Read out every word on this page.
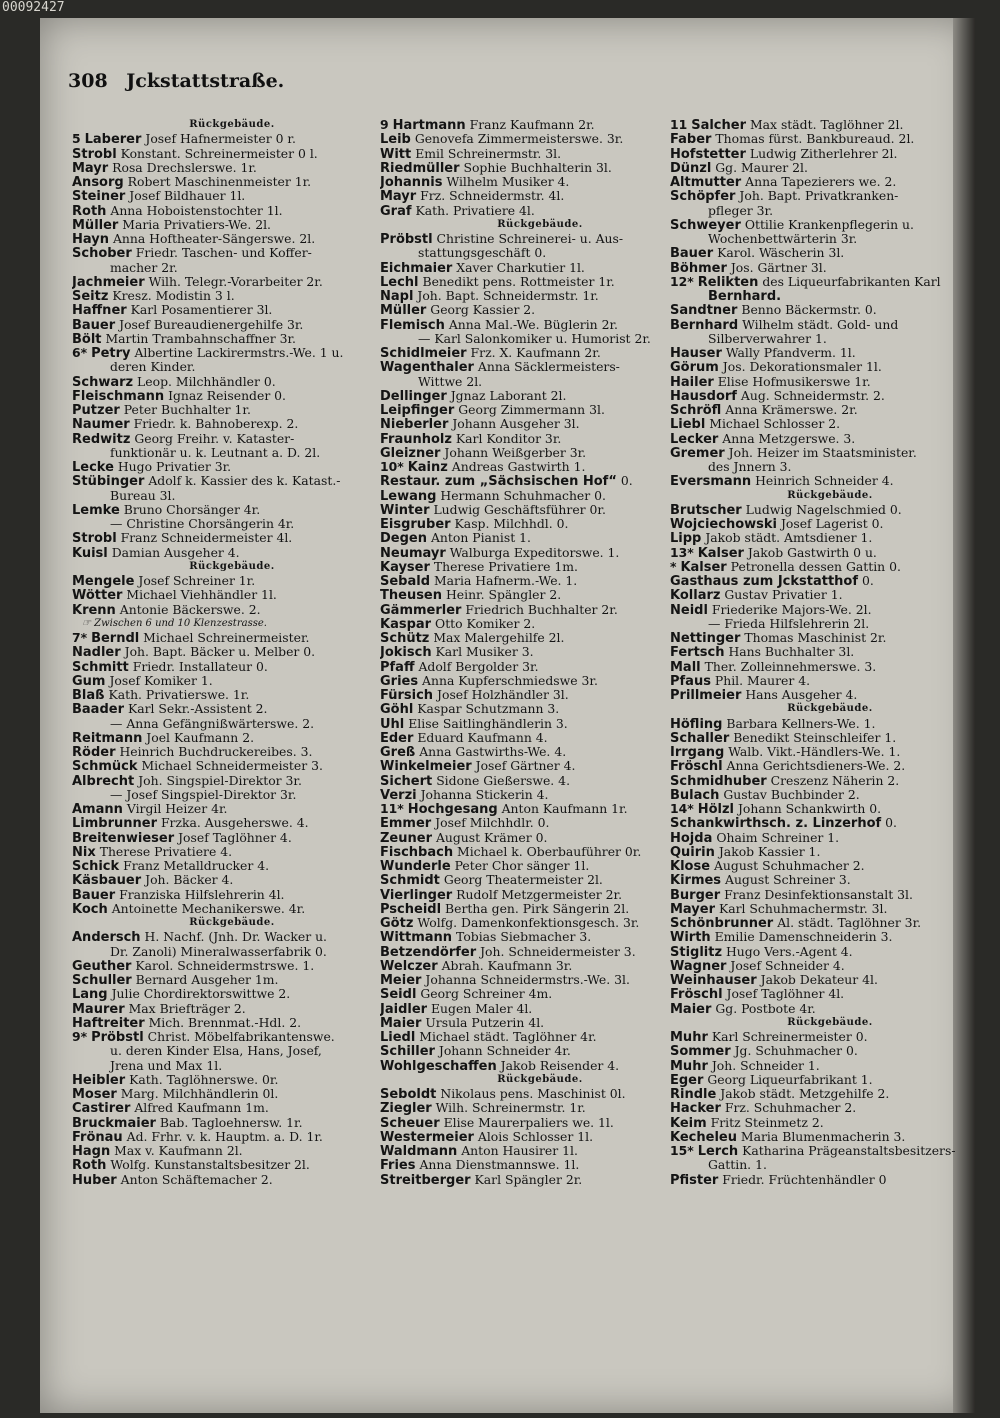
308 Jckstattstraße.
Rückgebäude.
5 Laberer Josef Hafnermeister 0 r.
Strobl Konstant. Schreinermeister 0 l.
Mayr Rosa Drechslerswe. 1r.
Ansorg Robert Maschinenmeister 1r.
Steiner Josef Bildhauer 1l.
Roth Anna Hoboistenstochter 1l.
Müller Maria Privatiers-We. 2l.
Hayn Anna Hoftheater-Sängerswe. 2l.
Schober Friedr. Taschen- und Koffer-
macher 2r.
Jachmeier Wilh. Telegr.-Vorarbeiter 2r.
Seitz Kresz. Modistin 3 l.
Haffner Karl Posamentierer 3l.
Bauer Josef Bureaudienergehilfe 3r.
Bölt Martin Trambahnschaffner 3r.
6* Petry Albertine Lackirermstrs.-We. 1 u.
deren Kinder.
Schwarz Leop. Milchhändler 0.
Fleischmann Ignaz Reisender 0.
Putzer Peter Buchhalter 1r.
Naumer Friedr. k. Bahnoberexp. 2.
Redwitz Georg Freihr. v. Kataster-
funktionär u. k. Leutnant a. D. 2l.
Lecke Hugo Privatier 3r.
Stübinger Adolf k. Kassier des k. Katast.-
Bureau 3l.
Lemke Bruno Chorsänger 4r.
— Christine Chorsängerin 4r.
Strobl Franz Schneidermeister 4l.
Kuisl Damian Ausgeher 4.
Rückgebäude.
Mengele Josef Schreiner 1r.
Wötter Michael Viehhändler 1l.
Krenn Antonie Bäckerswe. 2.
☞ Zwischen 6 und 10 Klenzestrasse.
7* Berndl Michael Schreinermeister.
Nadler Joh. Bapt. Bäcker u. Melber 0.
Schmitt Friedr. Installateur 0.
Gum Josef Komiker 1.
Blaß Kath. Privatierswe. 1r.
Baader Karl Sekr.-Assistent 2.
— Anna Gefängnißwärterswe. 2.
Reitmann Joel Kaufmann 2.
Röder Heinrich Buchdruckereibes. 3.
Schmück Michael Schneidermeister 3.
Albrecht Joh. Singspiel-Direktor 3r.
— Josef Singspiel-Direktor 3r.
Amann Virgil Heizer 4r.
Limbrunner Frzka. Ausgeherswe. 4.
Breitenwieser Josef Taglöhner 4.
Nix Therese Privatiere 4.
Schick Franz Metalldrucker 4.
Käsbauer Joh. Bäcker 4.
Bauer Franziska Hilfslehrerin 4l.
Koch Antoinette Mechanikerswe. 4r.
Rückgebäude.
Andersch H. Nachf. (Jnh. Dr. Wacker u.
Dr. Zanoli) Mineralwasserfabrik 0.
Geuther Karol. Schneidermstrswe. 1.
Schuller Bernard Ausgeher 1m.
Lang Julie Chordirektorswittwe 2.
Maurer Max Briefträger 2.
Haftreiter Mich. Brennmat.-Hdl. 2.
9* Pröbstl Christ. Möbelfabrikantenswe.
u. deren Kinder Elsa, Hans, Josef,
Jrena und Max 1l.
Heibler Kath. Taglöhnerswe. 0r.
Moser Marg. Milchhändlerin 0l.
Castirer Alfred Kaufmann 1m.
Bruckmaier Bab. Tagloehnersw. 1r.
Frönau Ad. Frhr. v. k. Hauptm. a. D. 1r.
Hagn Max v. Kaufmann 2l.
Roth Wolfg. Kunstanstaltsbesitzer 2l.
Huber Anton Schäftemacher 2.
9 Hartmann Franz Kaufmann 2r.
Leib Genovefa Zimmermeisterswe. 3r.
Witt Emil Schreinermstr. 3l.
Riedmüller Sophie Buchhalterin 3l.
Johannis Wilhelm Musiker 4.
Mayr Frz. Schneidermstr. 4l.
Graf Kath. Privatiere 4l.
Rückgebäude.
Pröbstl Christine Schreinerei- u. Aus-
stattungsgeschäft 0.
Eichmaier Xaver Charkutier 1l.
Lechl Benedikt pens. Rottmeister 1r.
Napl Joh. Bapt. Schneidermstr. 1r.
Müller Georg Kassier 2.
Flemisch Anna Mal.-We. Büglerin 2r.
— Karl Salonkomiker u. Humorist 2r.
Schidlmeier Frz. X. Kaufmann 2r.
Wagenthaler Anna Säcklermeisters-
Wittwe 2l.
Dellinger Jgnaz Laborant 2l.
Leipfinger Georg Zimmermann 3l.
Nieberler Johann Ausgeher 3l.
Fraunholz Karl Konditor 3r.
Gleizner Johann Weißgerber 3r.
10* Kainz Andreas Gastwirth 1.
Restaur. zum „Sächsischen Hof“ 0.
Lewang Hermann Schuhmacher 0.
Winter Ludwig Geschäftsführer 0r.
Eisgruber Kasp. Milchhdl. 0.
Degen Anton Pianist 1.
Neumayr Walburga Expeditorswe. 1.
Kayser Therese Privatiere 1m.
Sebald Maria Hafnerm.-We. 1.
Theusen Heinr. Spängler 2.
Gämmerler Friedrich Buchhalter 2r.
Kaspar Otto Komiker 2.
Schütz Max Malergehilfe 2l.
Jokisch Karl Musiker 3.
Pfaff Adolf Bergolder 3r.
Gries Anna Kupferschmiedswe 3r.
Fürsich Josef Holzhändler 3l.
Göhl Kaspar Schutzmann 3.
Uhl Elise Saitlinghändlerin 3.
Eder Eduard Kaufmann 4.
Greß Anna Gastwirths-We. 4.
Winkelmeier Josef Gärtner 4.
Sichert Sidone Gießerswe. 4.
Verzi Johanna Stickerin 4.
11* Hochgesang Anton Kaufmann 1r.
Emmer Josef Milchhdlr. 0.
Zeuner August Krämer 0.
Fischbach Michael k. Oberbauführer 0r.
Wunderle Peter Chor sänger 1l.
Schmidt Georg Theatermeister 2l.
Vierlinger Rudolf Metzgermeister 2r.
Pscheidl Bertha gen. Pirk Sängerin 2l.
Götz Wolfg. Damenkonfektionsgesch. 3r.
Wittmann Tobias Siebmacher 3.
Betzendörfer Joh. Schneidermeister 3.
Welczer Abrah. Kaufmann 3r.
Meier Johanna Schneidermstrs.-We. 3l.
Seidl Georg Schreiner 4m.
Jaidler Eugen Maler 4l.
Maier Ursula Putzerin 4l.
Liedl Michael städt. Taglöhner 4r.
Schiller Johann Schneider 4r.
Wohlgeschaffen Jakob Reisender 4.
Rückgebäude.
Seboldt Nikolaus pens. Maschinist 0l.
Ziegler Wilh. Schreinermstr. 1r.
Scheuer Elise Maurerpaliers we. 1l.
Westermeier Alois Schlosser 1l.
Waldmann Anton Hausirer 1l.
Fries Anna Dienstmannswe. 1l.
Streitberger Karl Spängler 2r.
11 Salcher Max städt. Taglöhner 2l.
Faber Thomas fürst. Bankbureaud. 2l.
Hofstetter Ludwig Zitherlehrer 2l.
Dünzl Gg. Maurer 2l.
Altmutter Anna Tapezierers we. 2.
Schöpfer Joh. Bapt. Privatkranken-
pfleger 3r.
Schweyer Ottilie Krankenpflegerin u.
Wochenbettwärterin 3r.
Bauer Karol. Wäscherin 3l.
Böhmer Jos. Gärtner 3l.
12* Relikten des Liqueurfabrikanten Karl
Bernhard.
Sandtner Benno Bäckermstr. 0.
Bernhard Wilhelm städt. Gold- und
Silberverwahrer 1.
Hauser Wally Pfandverm. 1l.
Görum Jos. Dekorationsmaler 1l.
Hailer Elise Hofmusikerswe 1r.
Hausdorf Aug. Schneidermstr. 2.
Schröfl Anna Krämerswe. 2r.
Liebl Michael Schlosser 2.
Lecker Anna Metzgerswe. 3.
Gremer Joh. Heizer im Staatsminister.
des Jnnern 3.
Eversmann Heinrich Schneider 4.
Rückgebäude.
Brutscher Ludwig Nagelschmied 0.
Wojciechowski Josef Lagerist 0.
Lipp Jakob städt. Amtsdiener 1.
13* Kalser Jakob Gastwirth 0 u.
* Kalser Petronella dessen Gattin 0.
Gasthaus zum Jckstatthof 0.
Kollarz Gustav Privatier 1.
Neidl Friederike Majors-We. 2l.
— Frieda Hilfslehrerin 2l.
Nettinger Thomas Maschinist 2r.
Fertsch Hans Buchhalter 3l.
Mall Ther. Zolleinnehmerswe. 3.
Pfaus Phil. Maurer 4.
Prillmeier Hans Ausgeher 4.
Rückgebäude.
Höfling Barbara Kellners-We. 1.
Schaller Benedikt Steinschleifer 1.
Irrgang Walb. Vikt.-Händlers-We. 1.
Fröschl Anna Gerichtsdieners-We. 2.
Schmidhuber Creszenz Näherin 2.
Bulach Gustav Buchbinder 2.
14* Hölzl Johann Schankwirth 0.
Schankwirthsch. z. Linzerhof 0.
Hojda Ohaim Schreiner 1.
Quirin Jakob Kassier 1.
Klose August Schuhmacher 2.
Kirmes August Schreiner 3.
Burger Franz Desinfektionsanstalt 3l.
Mayer Karl Schuhmachermstr. 3l.
Schönbrunner Al. städt. Taglöhner 3r.
Wirth Emilie Damenschneiderin 3.
Stiglitz Hugo Vers.-Agent 4.
Wagner Josef Schneider 4.
Weinhauser Jakob Dekateur 4l.
Fröschl Josef Taglöhner 4l.
Maier Gg. Postbote 4r.
Rückgebäude.
Muhr Karl Schreinermeister 0.
Sommer Jg. Schuhmacher 0.
Muhr Joh. Schneider 1.
Eger Georg Liqueurfabrikant 1.
Rindle Jakob städt. Metzgehilfe 2.
Hacker Frz. Schuhmacher 2.
Keim Fritz Steinmetz 2.
Kecheleu Maria Blumenmacherin 3.
15* Lerch Katharina Prägeanstaltsbesitzers-
Gattin. 1.
Pfister Friedr. Früchtenhändler 0
00092427
